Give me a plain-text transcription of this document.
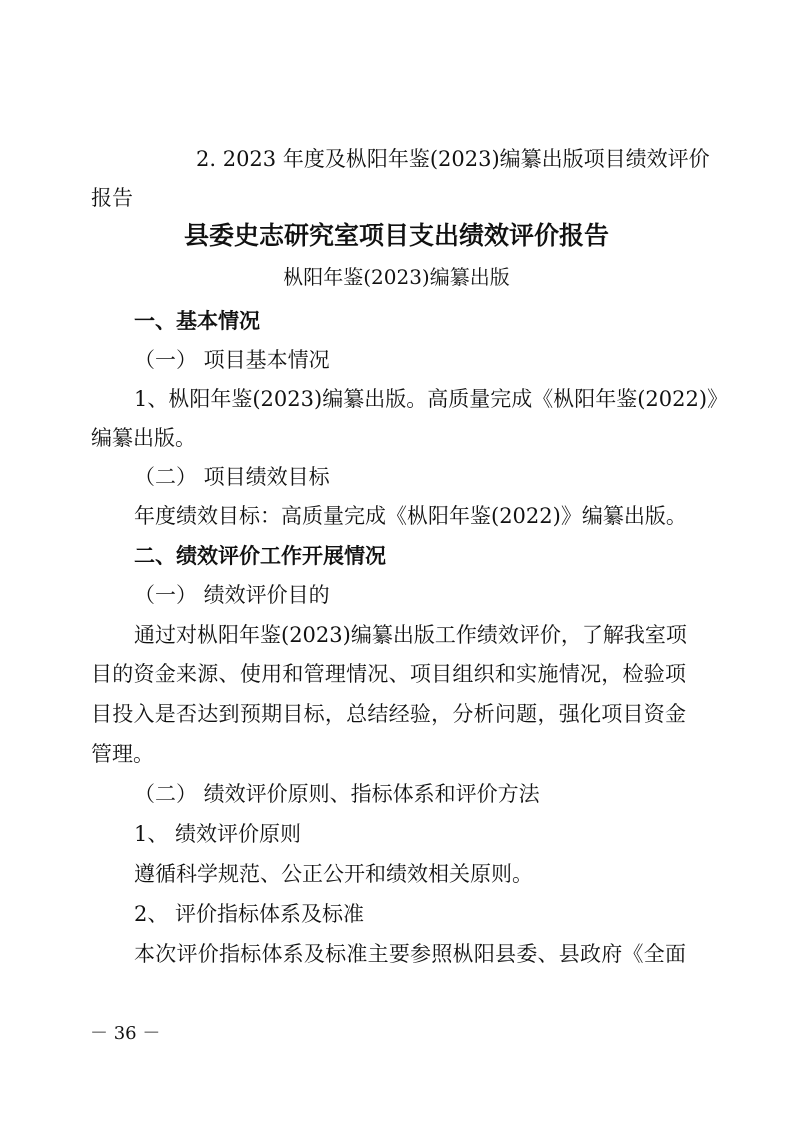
2. 2023 年度及枞阳年鉴(2023)编纂出版项目绩效评价
报告
县委史志研究室项目支出绩效评价报告
枞阳年鉴(2023)编纂出版
一、基本情况
（一） 项目基本情况
1、枞阳年鉴(2023)编纂出版。高质量完成《枞阳年鉴(2022)》
编纂出版。
（二） 项目绩效目标
年度绩效目标：高质量完成《枞阳年鉴(2022)》编纂出版。
二、绩效评价工作开展情况
（一） 绩效评价目的
通过对枞阳年鉴(2023)编纂出版工作绩效评价，了解我室项
目的资金来源、使用和管理情况、项目组织和实施情况，检验项
目投入是否达到预期目标，总结经验，分析问题，强化项目资金
管理。
（二） 绩效评价原则、指标体系和评价方法
1、 绩效评价原则
遵循科学规范、公正公开和绩效相关原则。
2、 评价指标体系及标准
本次评价指标体系及标准主要参照枞阳县委、县政府《全面
－ 36 －
